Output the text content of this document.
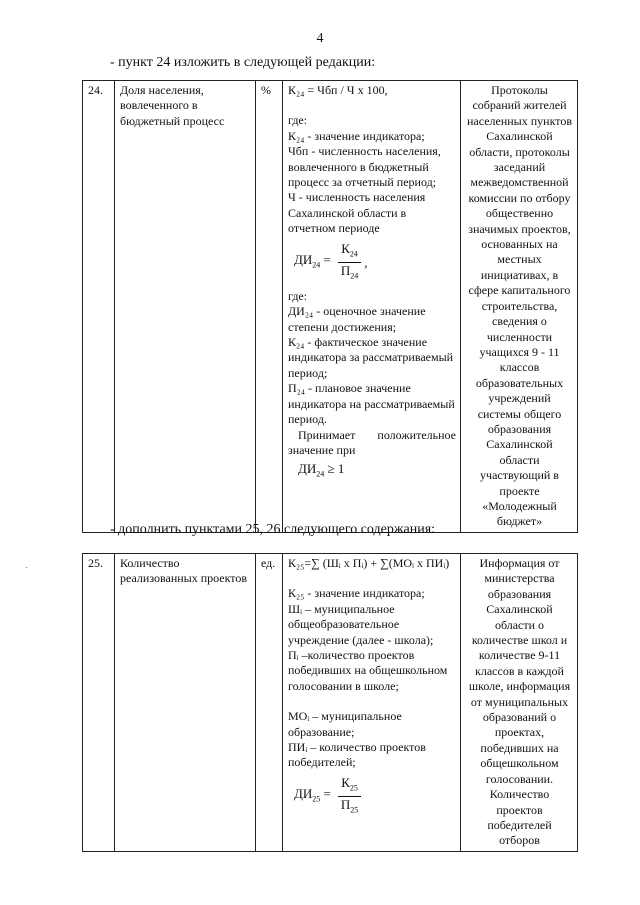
4
- пункт 24 изложить в следующей редакции:
24.	Доля населения, вовлеченного в бюджетный процесс	%	К₂₄ = Чбп / Ч х 100,
где:
К₂₄ - значение индикатора;
Чбп - численность населения, вовлеченного в бюджетный процесс за отчетный период;
Ч - численность населения Сахалинской области в отчетном периоде
$ДИ_{24} = \frac{К_{24}}{П_{24}}$ ,
где:
ДИ₂₄ - оценочное значение степени достижения;
К₂₄ - фактическое значение индикатора за рассматриваемый период;
П₂₄ - плановое значение индикатора на рассматриваемый период.
Принимает положительное
значение при
$ДИ_{24} \ge 1$
	Протоколы собраний жителей населенных пунктов Сахалинской области, протоколы заседаний межведомственной комиссии по отбору общественно значимых проектов, основанных на местных инициативах, в сфере капитального строительства, сведения о численности учащихся 9 - 11 классов образовательных учреждений системы общего образования Сахалинской области участвующий в проекте «Молодежный бюджет»
- дополнить пунктами 25, 26 следующего содержания:
˙
25.	Количество реализованных проектов	ед.	К₂₅=∑ (Шᵢ х Пᵢ) + ∑(МОᵢ х ПИᵢ)
К₂₅ - значение индикатора;
Шᵢ – муниципальное общеобразовательное учреждение (далее - школа);
Пᵢ –количество проектов победивших на общешкольном голосовании в школе;
МОᵢ – муниципальное образование;
ПИᵢ – количество проектов победителей;
$ДИ_{25} = \frac{К_{25}}{П_{25}}$
	Информация от министерства образования Сахалинской области о количестве школ и количестве 9-11 классов в каждой школе, информация от муниципальных образований о проектах, победивших на общешкольном голосовании. Количество проектов победителей отборов
